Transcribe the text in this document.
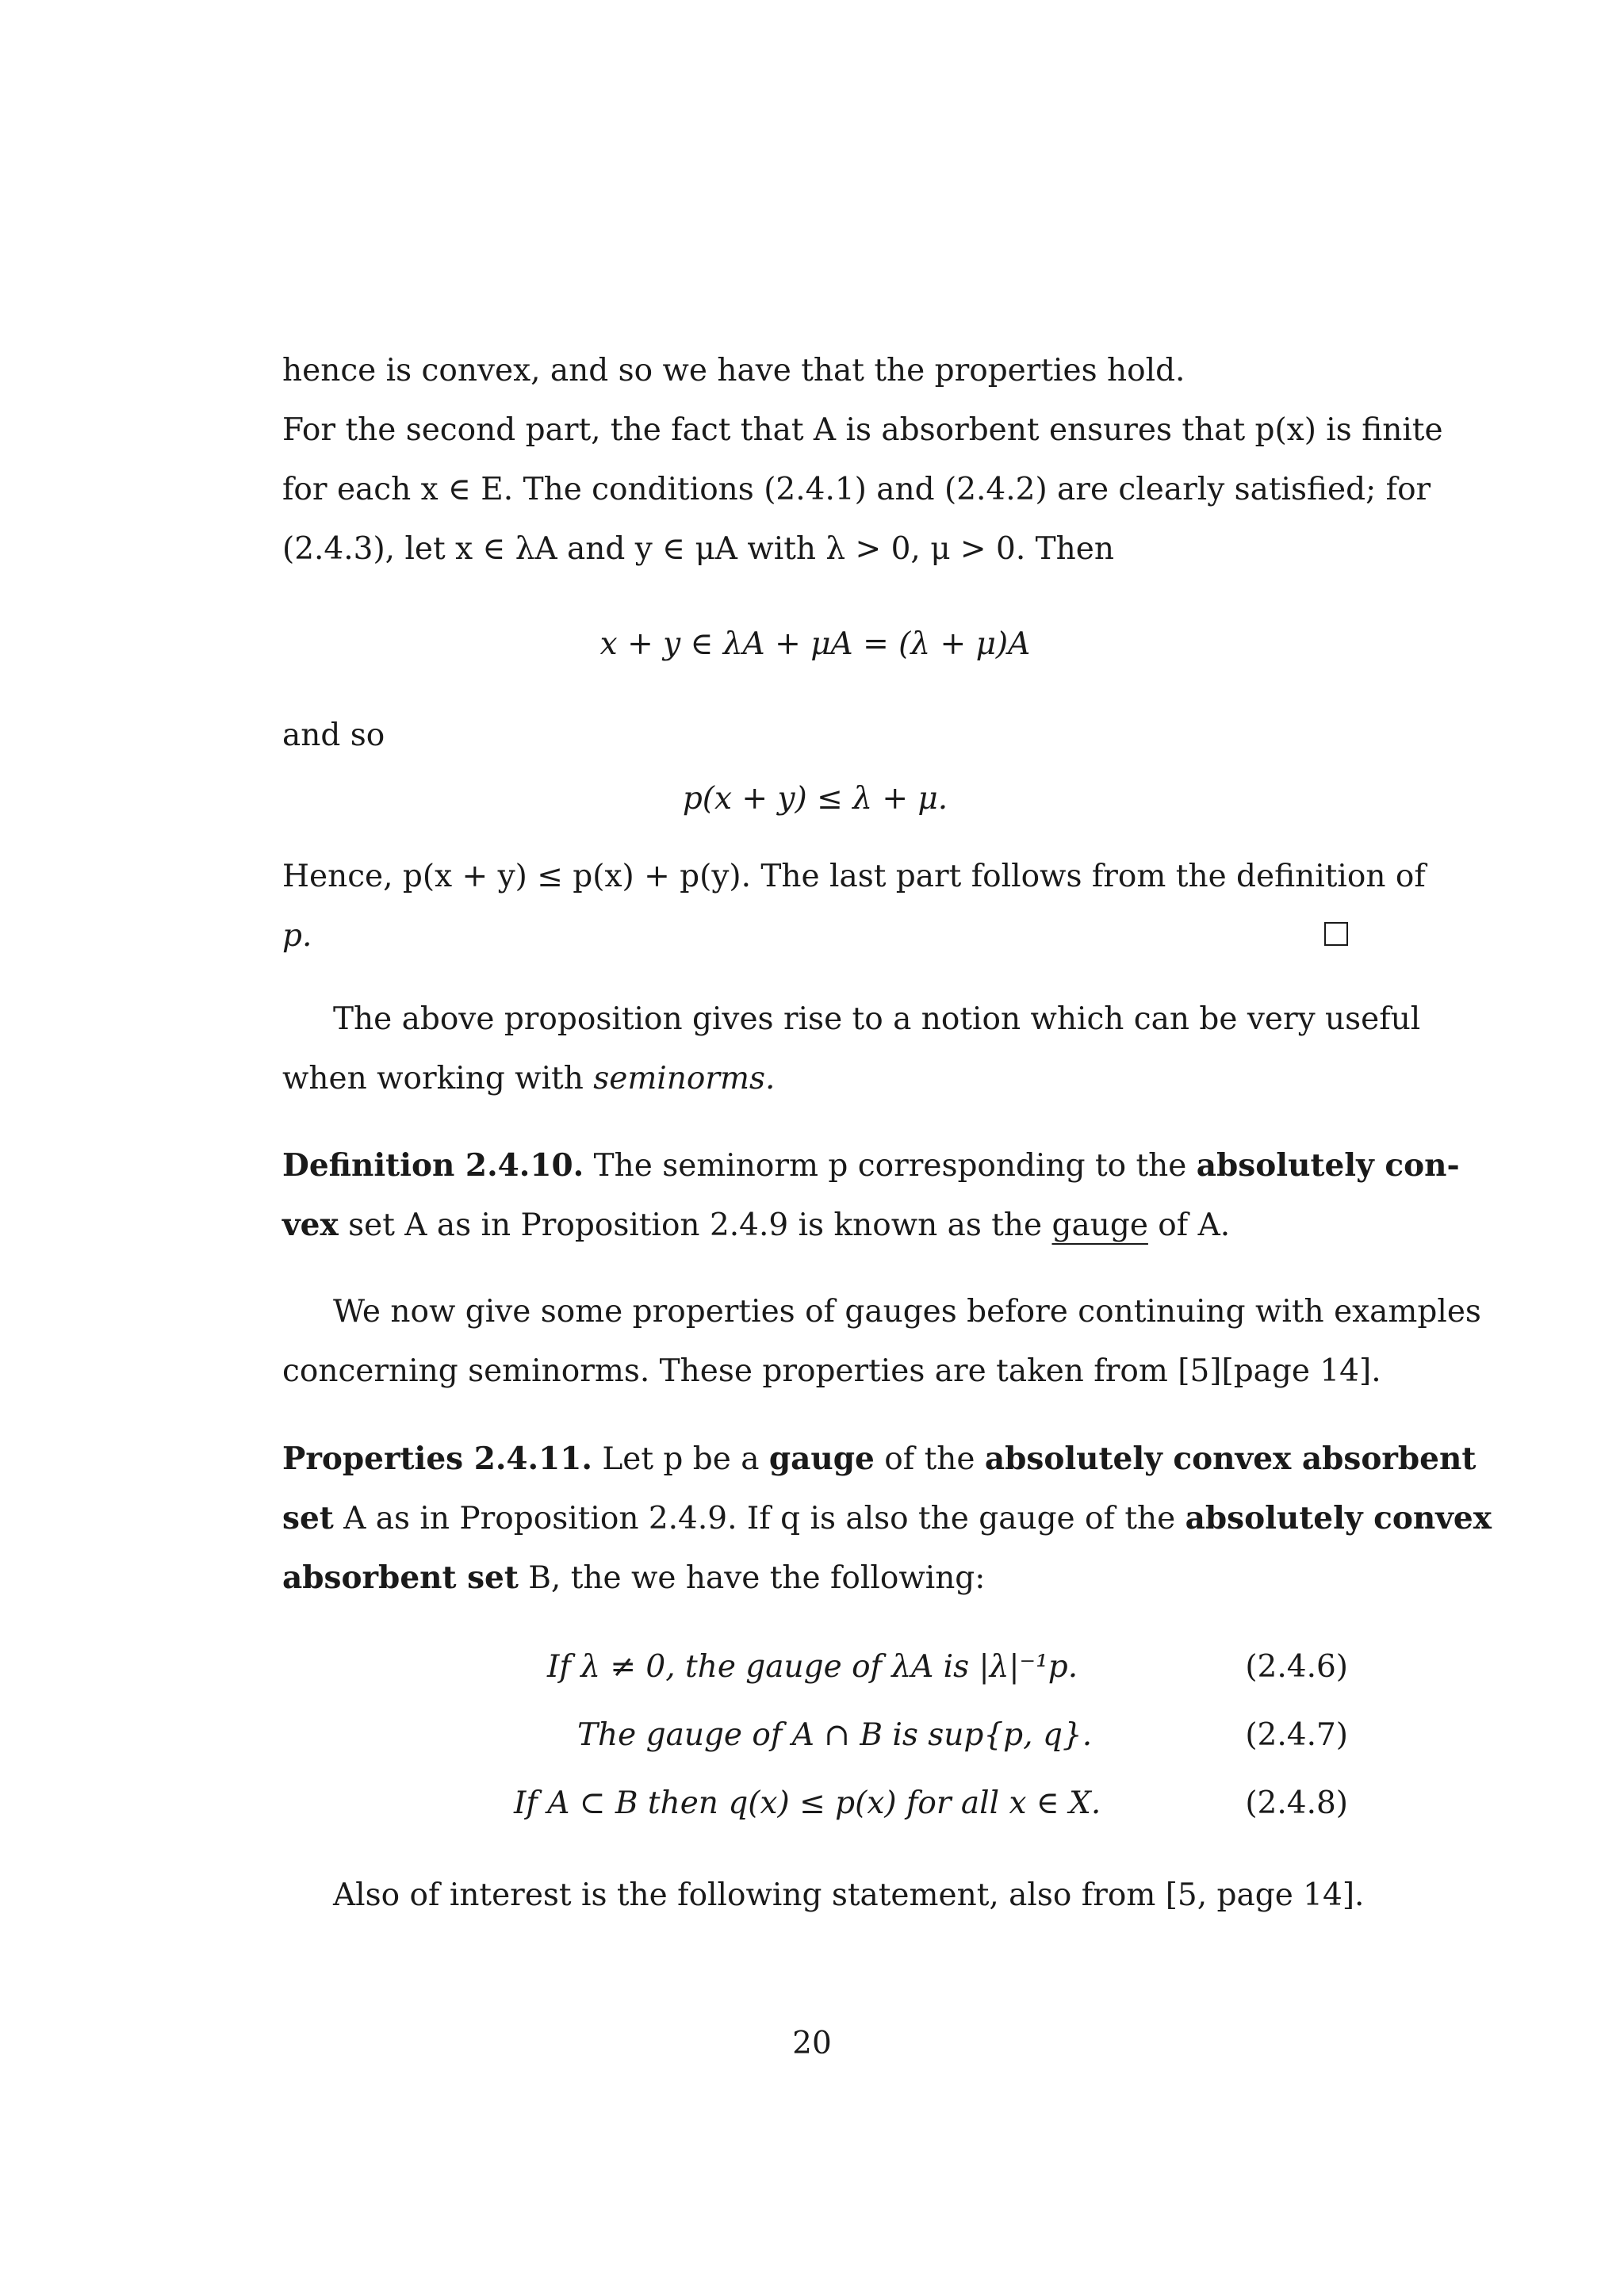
hence is convex, and so we have that the properties hold.
For the second part, the fact that A is absorbent ensures that p(x) is finite
for each x ∈ E. The conditions (2.4.1) and (2.4.2) are clearly satisfied; for
(2.4.3), let x ∈ λA and y ∈ μA with λ > 0, μ > 0. Then
x + y ∈ λA + μA = (λ + μ)A
and so
p(x + y) ≤ λ + μ.
Hence, p(x + y) ≤ p(x) + p(y). The last part follows from the definition of
p.
The above proposition gives rise to a notion which can be very useful
when working with seminorms.
Definition 2.4.10. The seminorm p corresponding to the absolutely con-
vex set A as in Proposition 2.4.9 is known as the gauge of A.
We now give some properties of gauges before continuing with examples
concerning seminorms. These properties are taken from [5][page 14].
Properties 2.4.11. Let p be a gauge of the absolutely convex absorbent
set A as in Proposition 2.4.9. If q is also the gauge of the absolutely convex
absorbent set B, the we have the following:
If λ ≠ 0, the gauge of λA is |λ|⁻¹p.	(2.4.6)
The gauge of A ∩ B is sup{p, q}.	(2.4.7)
If A ⊂ B then q(x) ≤ p(x) for all x ∈ X.	(2.4.8)
Also of interest is the following statement, also from [5, page 14].
20
